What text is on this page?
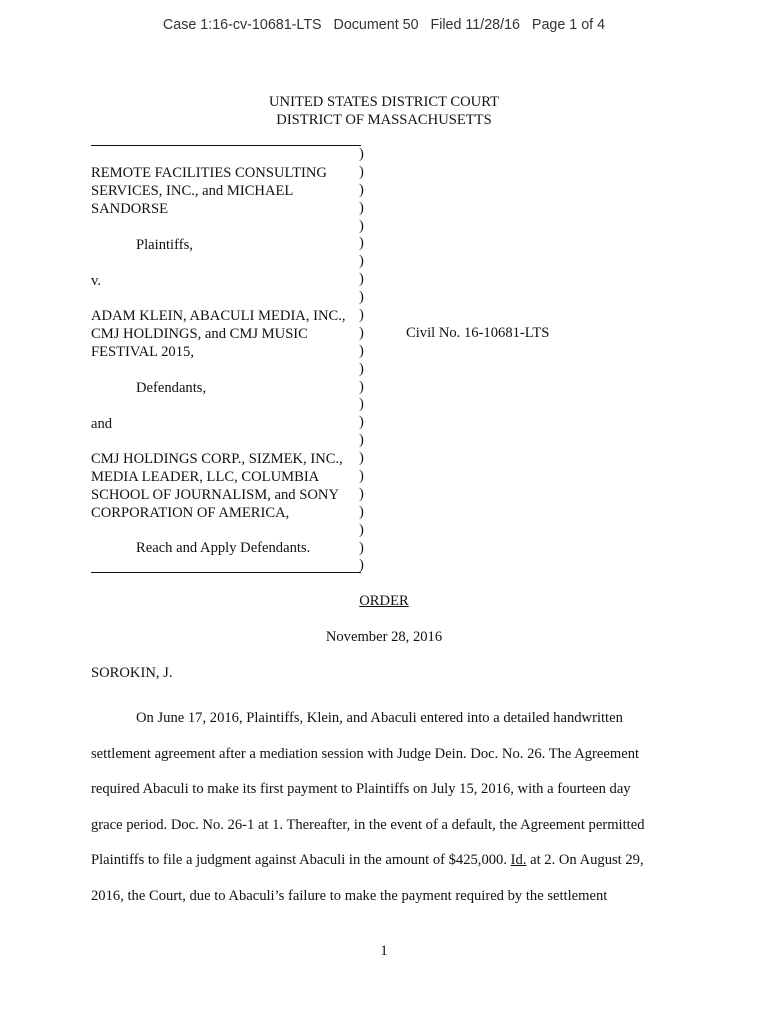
Case 1:16-cv-10681-LTS   Document 50   Filed 11/28/16   Page 1 of 4
UNITED STATES DISTRICT COURT
DISTRICT OF MASSACHUSETTS
)
)
)
)
)
)
)
)
)
)
)
)
)
)
)
)
)
)
)
)
)
)
)
)
REMOTE FACILITIES CONSULTING
SERVICES, INC., and MICHAEL
SANDORSE
Plaintiffs,
v.
ADAM KLEIN, ABACULI MEDIA, INC.,
CMJ HOLDINGS, and CMJ MUSIC
FESTIVAL 2015,
Defendants,
and
CMJ HOLDINGS CORP., SIZMEK, INC.,
MEDIA LEADER, LLC, COLUMBIA
SCHOOL OF JOURNALISM, and SONY
CORPORATION OF AMERICA,
Reach and Apply Defendants.
Civil No. 16-10681-LTS
ORDER
November 28, 2016
SOROKIN, J.
On June 17, 2016, Plaintiffs, Klein, and Abaculi entered into a detailed handwritten
settlement agreement after a mediation session with Judge Dein. Doc. No. 26. The Agreement
required Abaculi to make its first payment to Plaintiffs on July 15, 2016, with a fourteen day
grace period. Doc. No. 26-1 at 1. Thereafter, in the event of a default, the Agreement permitted
Plaintiffs to file a judgment against Abaculi in the amount of $425,000. Id. at 2. On August 29,
2016, the Court, due to Abaculi’s failure to make the payment required by the settlement
1
